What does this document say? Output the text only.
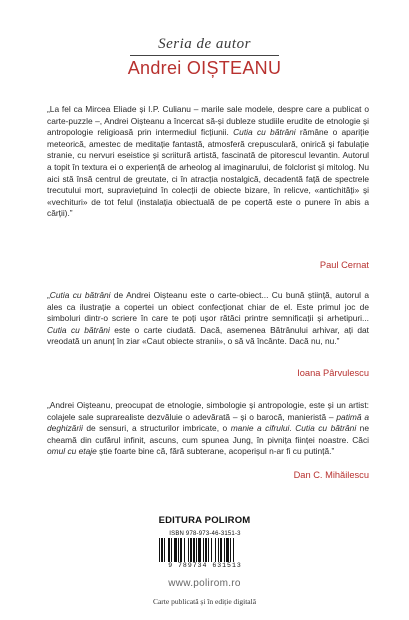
Seria de autor
Andrei OIȘTEANU

„La fel ca Mircea Eliade și I.P. Culianu – marile sale modele, despre care a publicat o carte-puzzle –, Andrei Oișteanu a încercat să-și dubleze studiile erudite de etnologie și antropologie religioasă prin intermediul ficțiunii. Cutia cu bătrâni rămâne o apariție meteorică, amestec de meditație fantastă, atmosferă crepusculară, onirică și fabulație stranie, cu nervuri eseistice și scriitură artistă, fascinată de pitorescul levantin. Autorul a topit în textura ei o experiență de arheolog al imaginarului, de folclorist și mitolog. Nu aici stă însă centrul de greutate, ci în atracția nostalgică, decadentă față de spectrele trecutului mort, supraviețuind în colecții de obiecte bizare, în relicve, «antichități» și «vechituri» de tot felul (instalația obiectuală de pe copertă este o punere în abis a cărții).”

Paul Cernat

„Cutia cu bătrâni de Andrei Oișteanu este o carte-obiect... Cu bună știință, autorul a ales ca ilustrație a copertei un obiect confecționat chiar de el. Este primul joc de simboluri dintr-o scriere în care te poți ușor rătăci printre semnificații și arhetipuri... Cutia cu bătrâni este o carte ciudată. Dacă, asemenea Bătrânului arhivar, ați dat vreodată un anunț în ziar «Caut obiecte stranii», o să vă încânte. Dacă nu, nu.”

Ioana Pârvulescu

„Andrei Oișteanu, preocupat de etnologie, simbologie și antropologie, este și un artist: colajele sale suprarealiste dezvăluie o adevărată – și o barocă, manieristă – patimă a deghizării de sensuri, a structurilor imbricate, o manie a cifrului. Cutia cu bătrâni ne cheamă din cufărul infinit, ascuns, cum spunea Jung, în pivnița ființei noastre. Căci omul cu etaje știe foarte bine că, fără subterane, acoperișul n-ar fi cu putință.”

Dan C. Mihăilescu
EDITURA POLIROM
ISBN 978-973-46-3151-3
9 789734 631513
www.polirom.ro
Carte publicată și în ediție digitală
